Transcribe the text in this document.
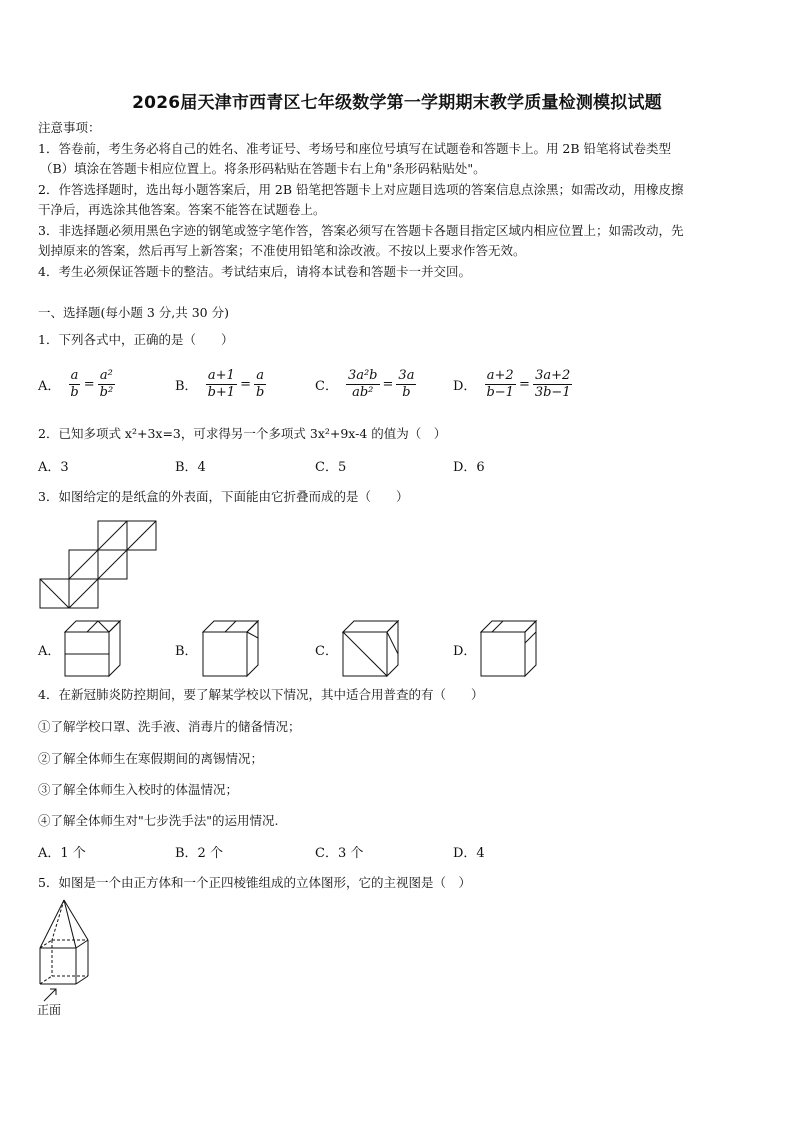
2026届天津市西青区七年级数学第一学期期末教学质量检测模拟试题
注意事项：
1．答卷前，考生务必将自己的姓名、准考证号、考场号和座位号填写在试题卷和答题卡上。用 2B 铅笔将试卷类型
（B）填涂在答题卡相应位置上。将条形码粘贴在答题卡右上角"条形码粘贴处"。
2．作答选择题时，选出每小题答案后，用 2B 铅笔把答题卡上对应题目选项的答案信息点涂黑；如需改动，用橡皮擦
干净后，再选涂其他答案。答案不能答在试题卷上。
3．非选择题必须用黑色字迹的钢笔或签字笔作答，答案必须写在答题卡各题目指定区域内相应位置上；如需改动，先
划掉原来的答案，然后再写上新答案；不准使用铅笔和涂改液。不按以上要求作答无效。
4．考生必须保证答题卡的整洁。考试结束后，请将本试卷和答题卡一并交回。
一、选择题(每小题 3 分,共 30 分)
1．下列各式中，正确的是（　　）
A． $\frac{a}{b} = \frac{\text{a²}}{\text{b²}}$	B． $\frac{a+1}{b+1} = \frac{a}{b}$	C． $\frac{\text{3a²b}}{\text{ab²}} = \frac{3a}{b}$	D． $\frac{a+2}{b-1} = \frac{3a+2}{3b-1}$
2．已知多项式 x²+3x=3，可求得另一个多项式 3x²+9x-4 的值为（　）
A．3	B．4	C．5	D．6
3．如图给定的是纸盒的外表面，下面能由它折叠而成的是（　　）
A．	B．	C．	D．
4．在新冠肺炎防控期间，要了解某学校以下情况，其中适合用普查的有（　　）
①了解学校口罩、洗手液、消毒片的储备情况；
②了解全体师生在寒假期间的离锡情况；
③了解全体师生入校时的体温情况；
④了解全体师生对"七步洗手法"的运用情况.
A．1 个	B．2 个	C．3 个	D．4
5．如图是一个由正方体和一个正四棱锥组成的立体图形，它的主视图是（　）
正面
